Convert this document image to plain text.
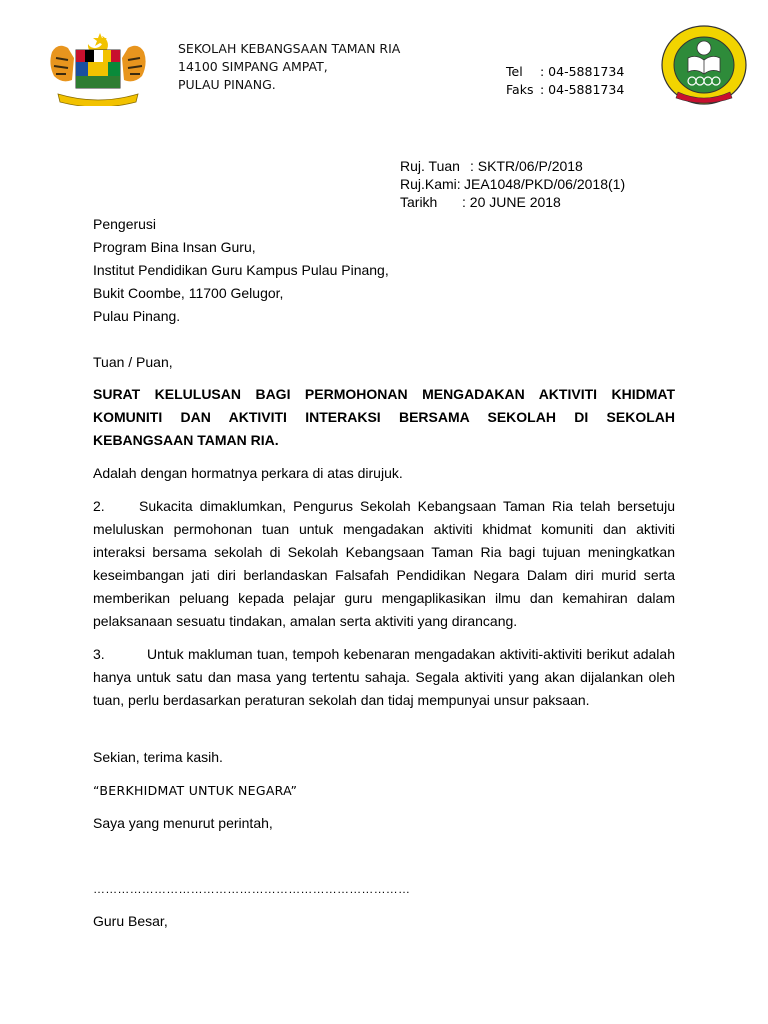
SEKOLAH KEBANGSAAN TAMAN RIA
14100 SIMPANG AMPAT,
PULAU PINANG.
Tel	: 04-5881734
Faks : 04-5881734
Ruj. Tuan : SKTR/06/P/2018
Ruj.Kami: JEA1048/PKD/06/2018(1)
Tarikh	: 20 JUNE 2018
Pengerusi
Program Bina Insan Guru,
Institut Pendidikan Guru Kampus Pulau Pinang,
Bukit Coombe, 11700 Gelugor,
Pulau Pinang.
Tuan / Puan,
SURAT KELULUSAN BAGI PERMOHONAN MENGADAKAN AKTIVITI KHIDMAT
KOMUNITI DAN AKTIVITI INTERAKSI BERSAMA SEKOLAH DI SEKOLAH
KEBANGSAAN TAMAN RIA.
Adalah dengan hormatnya perkara di atas dirujuk.
2. Sukacita dimaklumkan, Pengurus Sekolah Kebangsaan Taman Ria telah bersetuju meluluskan permohonan tuan untuk mengadakan aktiviti khidmat komuniti dan aktiviti interaksi bersama sekolah di Sekolah Kebangsaan Taman Ria bagi tujuan meningkatkan keseimbangan jati diri berlandaskan Falsafah Pendidikan Negara Dalam diri murid serta memberikan peluang kepada pelajar guru mengaplikasikan ilmu dan kemahiran dalam pelaksanaan sesuatu tindakan, amalan serta aktiviti yang dirancang.
3.	Untuk makluman tuan, tempoh kebenaran mengadakan aktiviti-aktiviti berikut adalah hanya untuk satu dan masa yang tertentu sahaja. Segala aktiviti yang akan dijalankan oleh tuan, perlu berdasarkan peraturan sekolah dan tidaj mempunyai unsur paksaan.
Sekian, terima kasih.
“BERKHIDMAT UNTUK NEGARA”
Saya yang menurut perintah,
……………………………………………………………………
Guru Besar,
